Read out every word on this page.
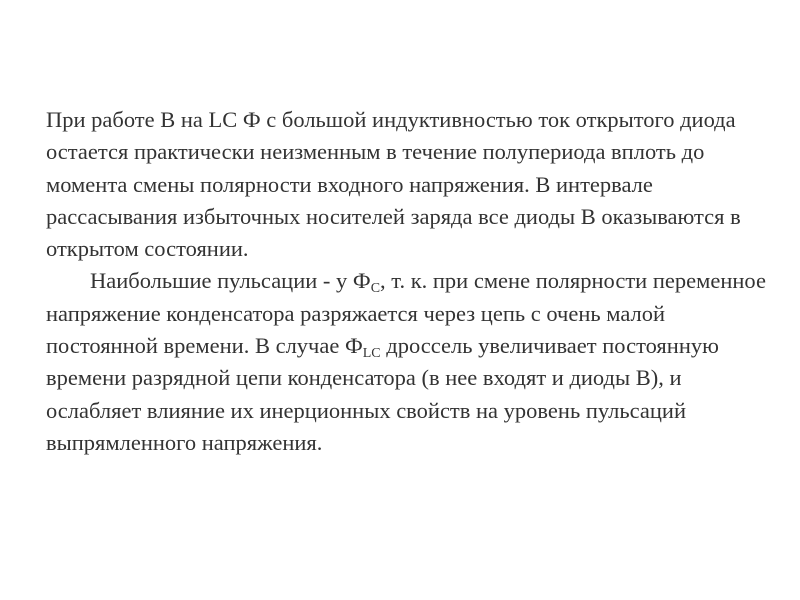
При работе В на LC Ф с большой индуктивностью ток открытого диода остается практически неизменным в течение полупериода вплоть до момента смены полярности входного напряжения. В интервале рассасывания избыточных носителей заряда все диоды В оказываются в открытом состоянии.

Наибольшие пульсации - у $Ф_C$, т. к. при смене полярности переменное напряжение конденсатора разряжается через цепь с очень малой постоянной времени. В случае $Ф_{LC}$ дроссель увеличивает постоянную времени разрядной цепи конденсатора (в нее входят и диоды В), и ослабляет влияние их инерционных свойств на уровень пульсаций выпрямленного напряжения.
